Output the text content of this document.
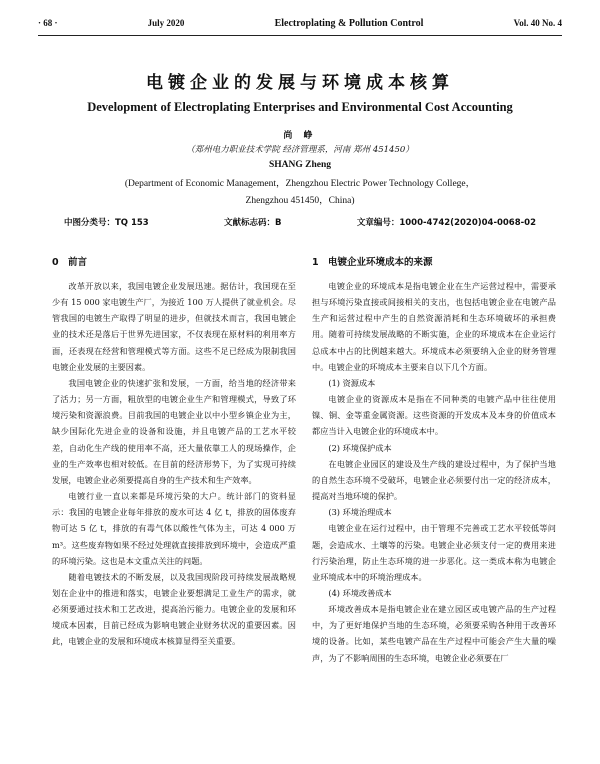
· 68 ·	July 2020	Electroplating & Pollution Control	Vol. 40 No. 4
电镀企业的发展与环境成本核算
Development of Electroplating Enterprises and Environmental Cost Accounting
尚 峥
（郑州电力职业技术学院 经济管理系，河南 郑州 451450）
SHANG Zheng
(Department of Economic Management，Zhengzhou Electric Power Technology College，
Zhengzhou 451450，China)
中图分类号：TQ 153	文献标志码：B	文章编号：1000-4742(2020)04-0068-02
0 前言

改革开放以来，我国电镀企业发展迅速。据估计，我国现在至少有 15 000 家电镀生产厂，为接近 100 万人提供了就业机会。尽管我国的电镀生产取得了明显的进步，但就技术而言，我国电镀企业的技术还是落后于世界先进国家，不仅表现在原材料的利用率方面，还表现在经营和管理模式等方面。这些不足已经成为限制我国电镀企业发展的主要因素。

我国电镀企业的快速扩张和发展，一方面，给当地的经济带来了活力；另一方面，粗放型的电镀企业生产和管理模式，导致了环境污染和资源浪费。目前我国的电镀企业以中小型乡镇企业为主，缺少国际化先进企业的设备和设施，并且电镀产品的工艺水平较差，自动化生产线的使用率不高，还大量依靠工人的现场操作，企业的生产效率也相对较低。在目前的经济形势下，为了实现可持续发展，电镀企业必须要提高自身的生产技术和生产效率。

电镀行业一直以来都是环境污染的大户。统计部门的资料显示：我国的电镀企业每年排放的废水可达 4 亿 t，排放的固体废弃物可达 5 亿 t，排放的有毒气体以酸性气体为主，可达 4 000 万 m³。这些废弃物如果不经过处理就直接排放到环境中，会造成严重的环境污染。这也是本文重点关注的问题。

随着电镀技术的不断发展，以及我国现阶段可持续发展战略规划在企业中的推进和落实，电镀企业要想满足工业生产的需求，就必须要通过技术和工艺改进，提高治污能力。电镀企业的发展和环境成本因素，目前已经成为影响电镀企业财务状况的重要因素。因此，电镀企业的发展和环境成本核算显得至关重要。

1 电镀企业环境成本的来源

电镀企业的环境成本是指电镀企业在生产运营过程中，需要承担与环境污染直接或间接相关的支出，也包括电镀企业在电镀产品生产和运营过程中产生的自然资源消耗和生态环境破坏的承担费用。随着可持续发展战略的不断实施，企业的环境成本在企业运行总成本中占的比例越来越大。环境成本必须要纳入企业的财务管理中。电镀企业的环境成本主要来自以下几个方面。

(1) 资源成本

电镀企业的资源成本是指在不同种类的电镀产品中往往使用镍、铜、金等重金属资源。这些资源的开发成本及本身的价值成本都应当计入电镀企业的环境成本中。

(2) 环境保护成本

在电镀企业园区的建设及生产线的建设过程中，为了保护当地的自然生态环境不受破坏，电镀企业必须要付出一定的经济成本，提高对当地环境的保护。

(3) 环境治理成本

电镀企业在运行过程中，由于管理不完善或工艺水平较低等问题，会造成水、土壤等的污染。电镀企业必须支付一定的费用来进行污染治理，防止生态环境的进一步恶化。这一类成本称为电镀企业环境成本中的环境治理成本。

(4) 环境改善成本

环境改善成本是指电镀企业在建立园区或电镀产品的生产过程中，为了更好地保护当地的生态环境，必须要采购各种用于改善环境的设备。比如，某些电镀产品在生产过程中可能会产生大量的噪声，为了不影响周围的生态环境，电镀企业必须要在厂
